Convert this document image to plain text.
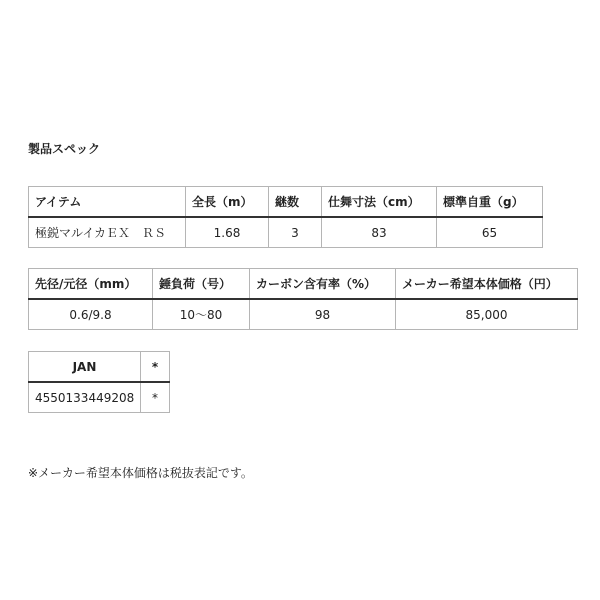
製品スペック
アイテム	全長（m）	継数	仕舞寸法（cm）	標準自重（g）
極鋭マルイカＥＸ　ＲＳ	1.68	3	83	65
先径/元径（mm）	錘負荷（号）	カーボン含有率（%）	メーカー希望本体価格（円）
0.6/9.8	10〜80	98	85,000
JAN	*
4550133449208	*
※メーカー希望本体価格は税抜表記です。
